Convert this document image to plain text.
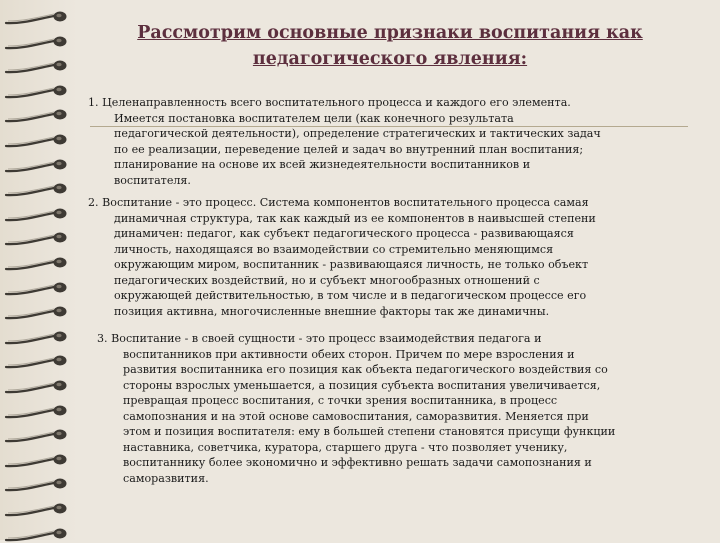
Рассмотрим основные признаки воспитания как
педагогического явления:
1. Целенаправленность всего воспитательного процесса и каждого его элемента.
Имеется постановка воспитателем цели (как конечного результата
педагогической деятельности), определение стратегических и тактических задач
по ее реализации, переведение целей и задач во внутренний план воспитания;
планирование на основе их всей жизнедеятельности воспитанников и
воспитателя.
2. Воспитание - это процесс. Система компонентов воспитательного процесса самая
динамичная структура, так как каждый из ее компонентов в наивысшей степени
динамичен: педагог, как субъект педагогического процесса - развивающаяся
личность, находящаяся во взаимодействии со стремительно меняющимся
окружающим миром, воспитанник - развивающаяся личность, не только объект
педагогических воздействий, но и субъект многообразных отношений с
окружающей действительностью, в том числе и в педагогическом процессе его
позиция активна, многочисленные внешние факторы так же динамичны.
3. Воспитание - в своей сущности - это процесс взаимодействия педагога и
воспитанников при активности обеих сторон. Причем по мере взросления и
развития воспитанника его позиция как объекта педагогического воздействия со
стороны взрослых уменьшается, а позиция субъекта воспитания увеличивается,
превращая процесс воспитания, с точки зрения воспитанника, в процесс
самопознания и на этой основе самовоспитания, саморазвития. Меняется при
этом и позиция воспитателя: ему в большей степени становятся присущи функции
наставника, советчика, куратора, старшего друга - что позволяет ученику,
воспитаннику более экономично и эффективно решать задачи самопознания и
саморазвития.
